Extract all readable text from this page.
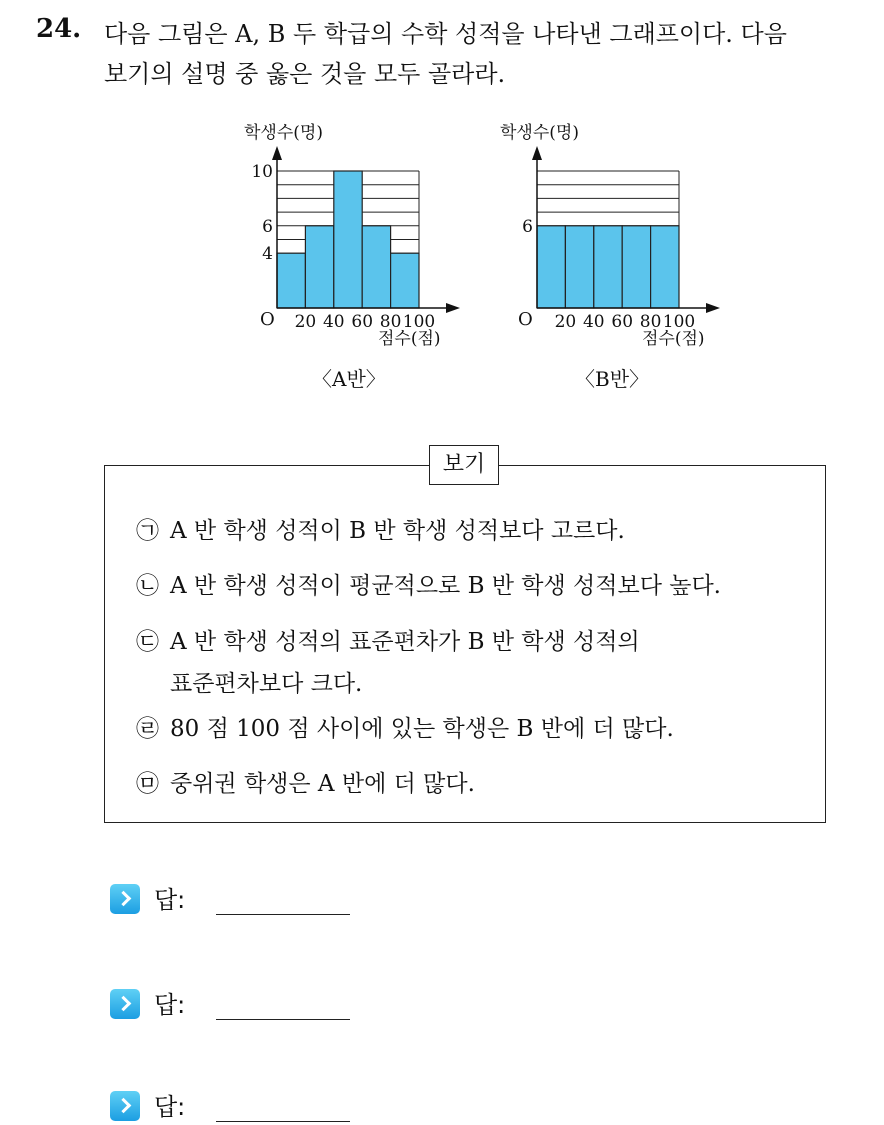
24. 다음 그림은 A, B 두 학급의 수학 성적을 나타낸 그래프이다. 다음
보기의 설명 중 옳은 것을 모두 골라라.
학생수(명)
4
6
10
20 40 60 80 100
O
점수(점)
〈A반〉
학생수(명)
6
20 40 60 80 100
O
점수(점)
〈B반〉
보기
㉠ A 반 학생 성적이 B 반 학생 성적보다 고르다.
㉡ A 반 학생 성적이 평균적으로 B 반 학생 성적보다 높다.
㉢ A 반 학생 성적의 표준편차가 B 반 학생 성적의
표준편차보다 크다.
㉣ 80 점 100 점 사이에 있는 학생은 B 반에 더 많다.
㉤ 중위권 학생은 A 반에 더 많다.
답:
답:
답:
